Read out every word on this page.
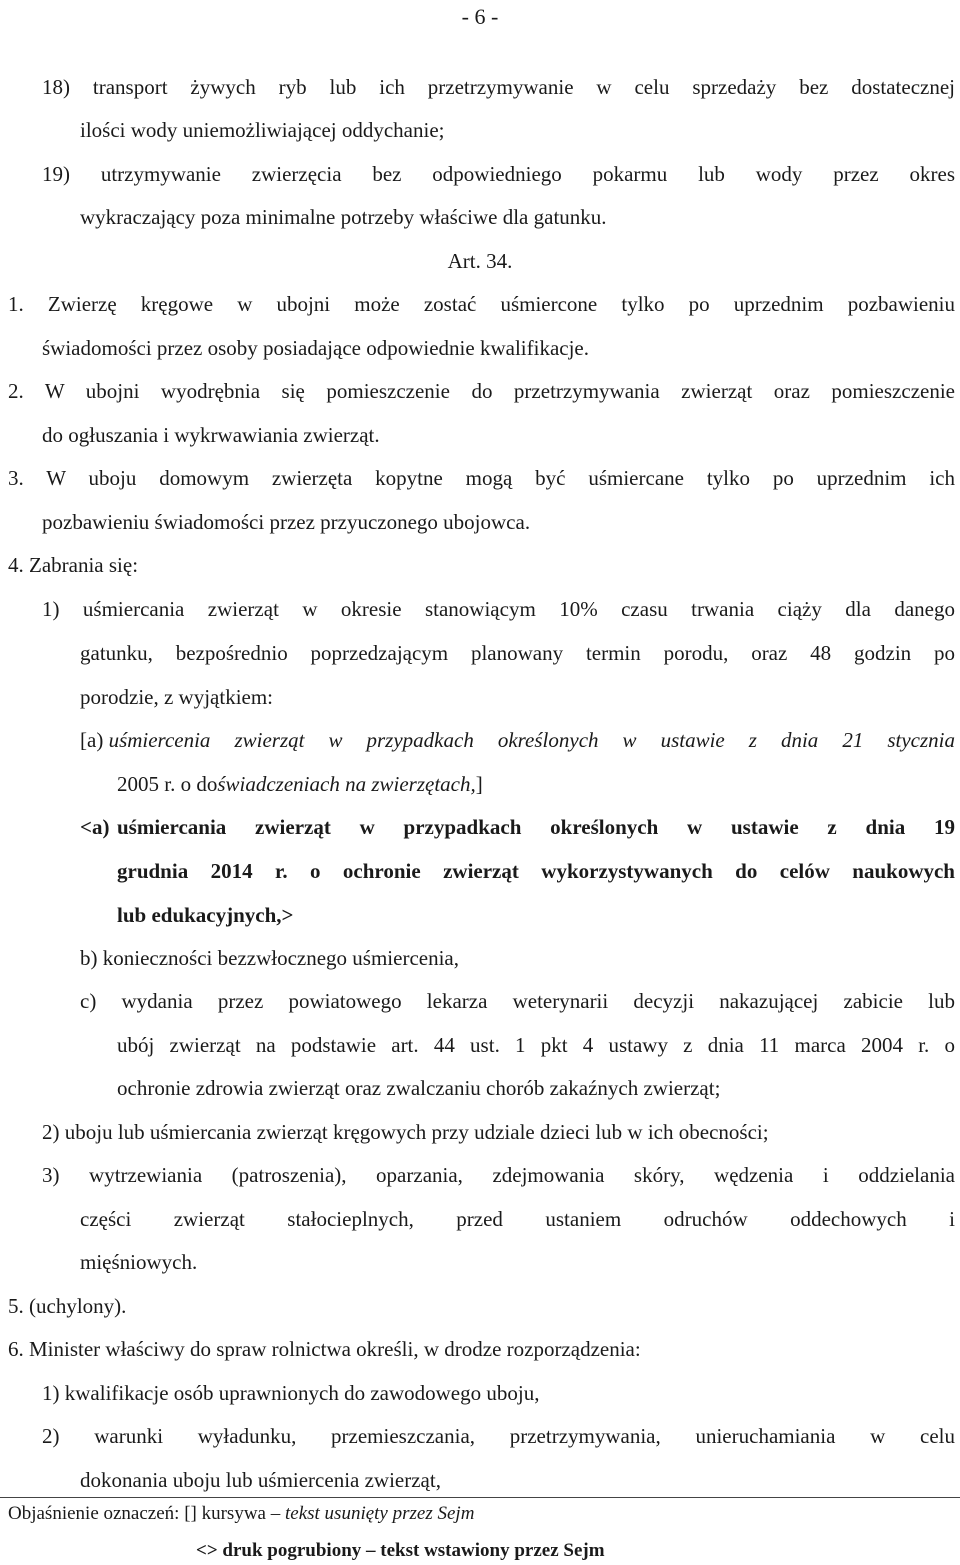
- 6 -
18) transport żywych ryb lub ich przetrzymywanie w celu sprzedaży bez dostatecznej
ilości wody uniemożliwiającej oddychanie;
19) utrzymywanie zwierzęcia bez odpowiedniego pokarmu lub wody przez okres
wykraczający poza minimalne potrzeby właściwe dla gatunku.
Art. 34.
1. Zwierzę kręgowe w ubojni może zostać uśmiercone tylko po uprzednim pozbawieniu
świadomości przez osoby posiadające odpowiednie kwalifikacje.
2. W ubojni wyodrębnia się pomieszczenie do przetrzymywania zwierząt oraz pomieszczenie
do ogłuszania i wykrwawiania zwierząt.
3. W uboju domowym zwierzęta kopytne mogą być uśmiercane tylko po uprzednim ich
pozbawieniu świadomości przez przyuczonego ubojowca.
4. Zabrania się:
1) uśmiercania zwierząt w okresie stanowiącym 10% czasu trwania ciąży dla danego
gatunku, bezpośrednio poprzedzającym planowany termin porodu, oraz 48 godzin po
porodzie, z wyjątkiem:
[a) uśmiercenia zwierząt w przypadkach określonych w ustawie z dnia 21 stycznia
2005 r. o doświadczeniach na zwierzętach,]
<a) uśmiercania zwierząt w przypadkach określonych w ustawie z dnia 19
grudnia 2014 r. o ochronie zwierząt wykorzystywanych do celów naukowych
lub edukacyjnych,>
b) konieczności bezzwłocznego uśmiercenia,
c) wydania przez powiatowego lekarza weterynarii decyzji nakazującej zabicie lub
ubój zwierząt na podstawie art. 44 ust. 1 pkt 4 ustawy z dnia 11 marca 2004 r. o
ochronie zdrowia zwierząt oraz zwalczaniu chorób zakaźnych zwierząt;
2) uboju lub uśmiercania zwierząt kręgowych przy udziale dzieci lub w ich obecności;
3) wytrzewiania (patroszenia), oparzania, zdejmowania skóry, wędzenia i oddzielania
części zwierząt stałocieplnych, przed ustaniem odruchów oddechowych i
mięśniowych.
5. (uchylony).
6. Minister właściwy do spraw rolnictwa określi, w drodze rozporządzenia:
1) kwalifikacje osób uprawnionych do zawodowego uboju,
2) warunki wyładunku, przemieszczania, przetrzymywania, unieruchamiania w celu
dokonania uboju lub uśmiercenia zwierząt,
Objaśnienie oznaczeń: [] kursywa – tekst usunięty przez Sejm
<> druk pogrubiony – tekst wstawiony przez Sejm
